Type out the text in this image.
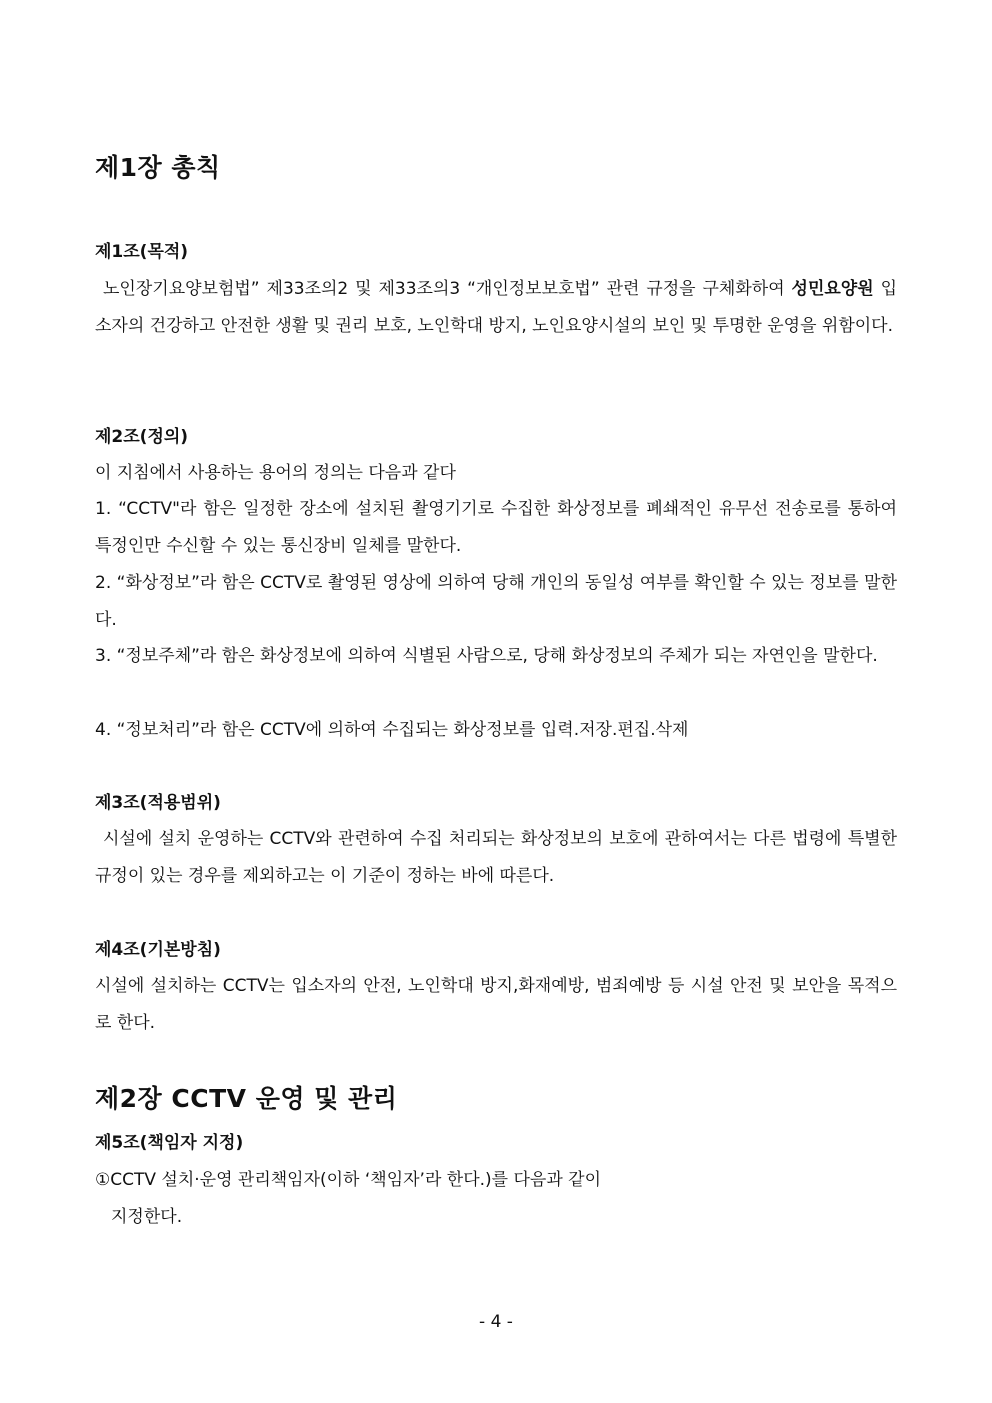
제1장 총칙
제1조(목적)

노인장기요양보험법” 제33조의2 및 제33조의3 “개인정보보호법” 관련 규정을 구체화하여 성민요양원 입소자의 건강하고 안전한 생활 및 권리 보호, 노인학대 방지, 노인요양시설의 보인 및 투명한 운영을 위함이다.

제2조(정의)

이 지침에서 사용하는 용어의 정의는 다음과 같다

1. “CCTV"라 함은 일정한 장소에 설치된 촬영기기로 수집한 화상정보를 폐쇄적인 유무선 전송로를 통하여 특정인만 수신할 수 있는 통신장비 일체를 말한다.

2. “화상정보”라 함은 CCTV로 촬영된 영상에 의하여 당해 개인의 동일성 여부를 확인할 수 있는 정보를 말한다.

3. “정보주체”라 함은 화상정보에 의하여 식별된 사람으로, 당해 화상정보의 주체가 되는 자연인을 말한다.

4. “정보처리”라 함은 CCTV에 의하여 수집되는 화상정보를 입력.저장.편집.삭제

제3조(적용범위)

시설에 설치 운영하는 CCTV와 관련하여 수집 처리되는 화상정보의 보호에 관하여서는 다른 법령에 특별한 규정이 있는 경우를 제외하고는 이 기준이 정하는 바에 따른다.

제4조(기본방침)

시설에 설치하는 CCTV는 입소자의 안전, 노인학대 방지,화재예방, 범죄예방 등 시설 안전 및 보안을 목적으로 한다.

제2장 CCTV 운영 및 관리
제5조(책임자 지정)

①CCTV 설치·운영 관리책임자(이하 ‘책임자’라 한다.)를 다음과 같이

지정한다.

- 4 -
